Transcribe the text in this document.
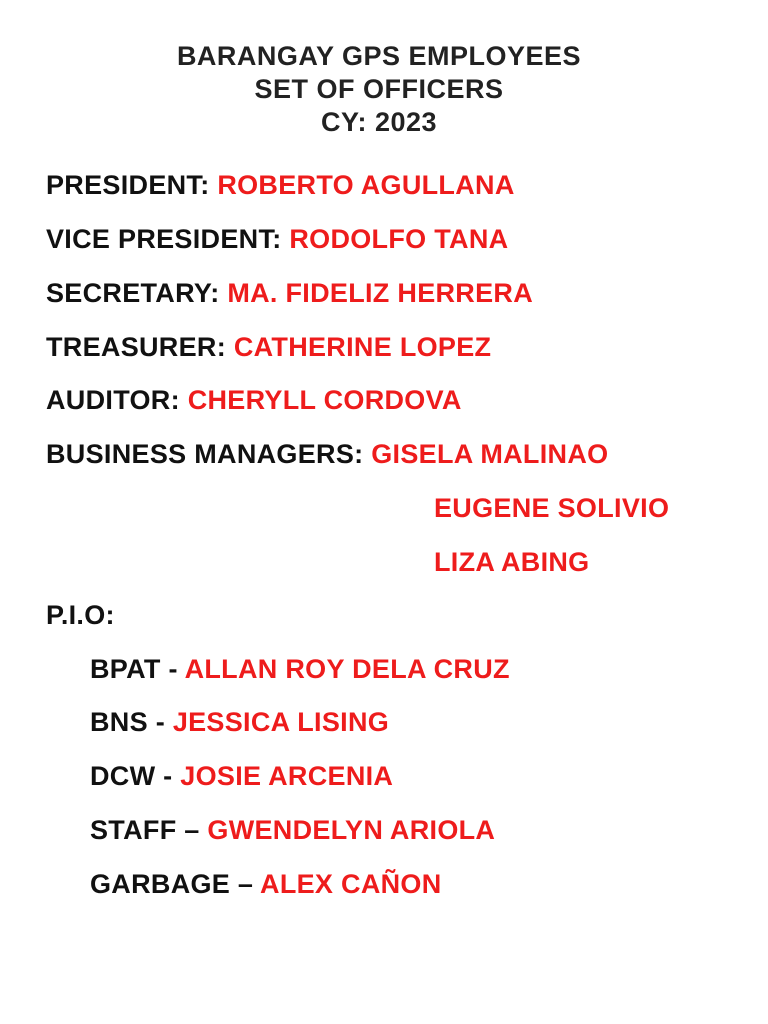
BARANGAY GPS EMPLOYEES
SET OF OFFICERS
CY: 2023
PRESIDENT: ROBERTO AGULLANA
VICE PRESIDENT: RODOLFO TANA
SECRETARY: MA. FIDELIZ HERRERA
TREASURER: CATHERINE LOPEZ
AUDITOR: CHERYLL CORDOVA
BUSINESS MANAGERS: GISELA MALINAO
EUGENE SOLIVIO
LIZA ABING
P.I.O:
BPAT - ALLAN ROY DELA CRUZ
BNS - JESSICA LISING
DCW - JOSIE ARCENIA
STAFF – GWENDELYN ARIOLA
GARBAGE – ALEX CAÑON
